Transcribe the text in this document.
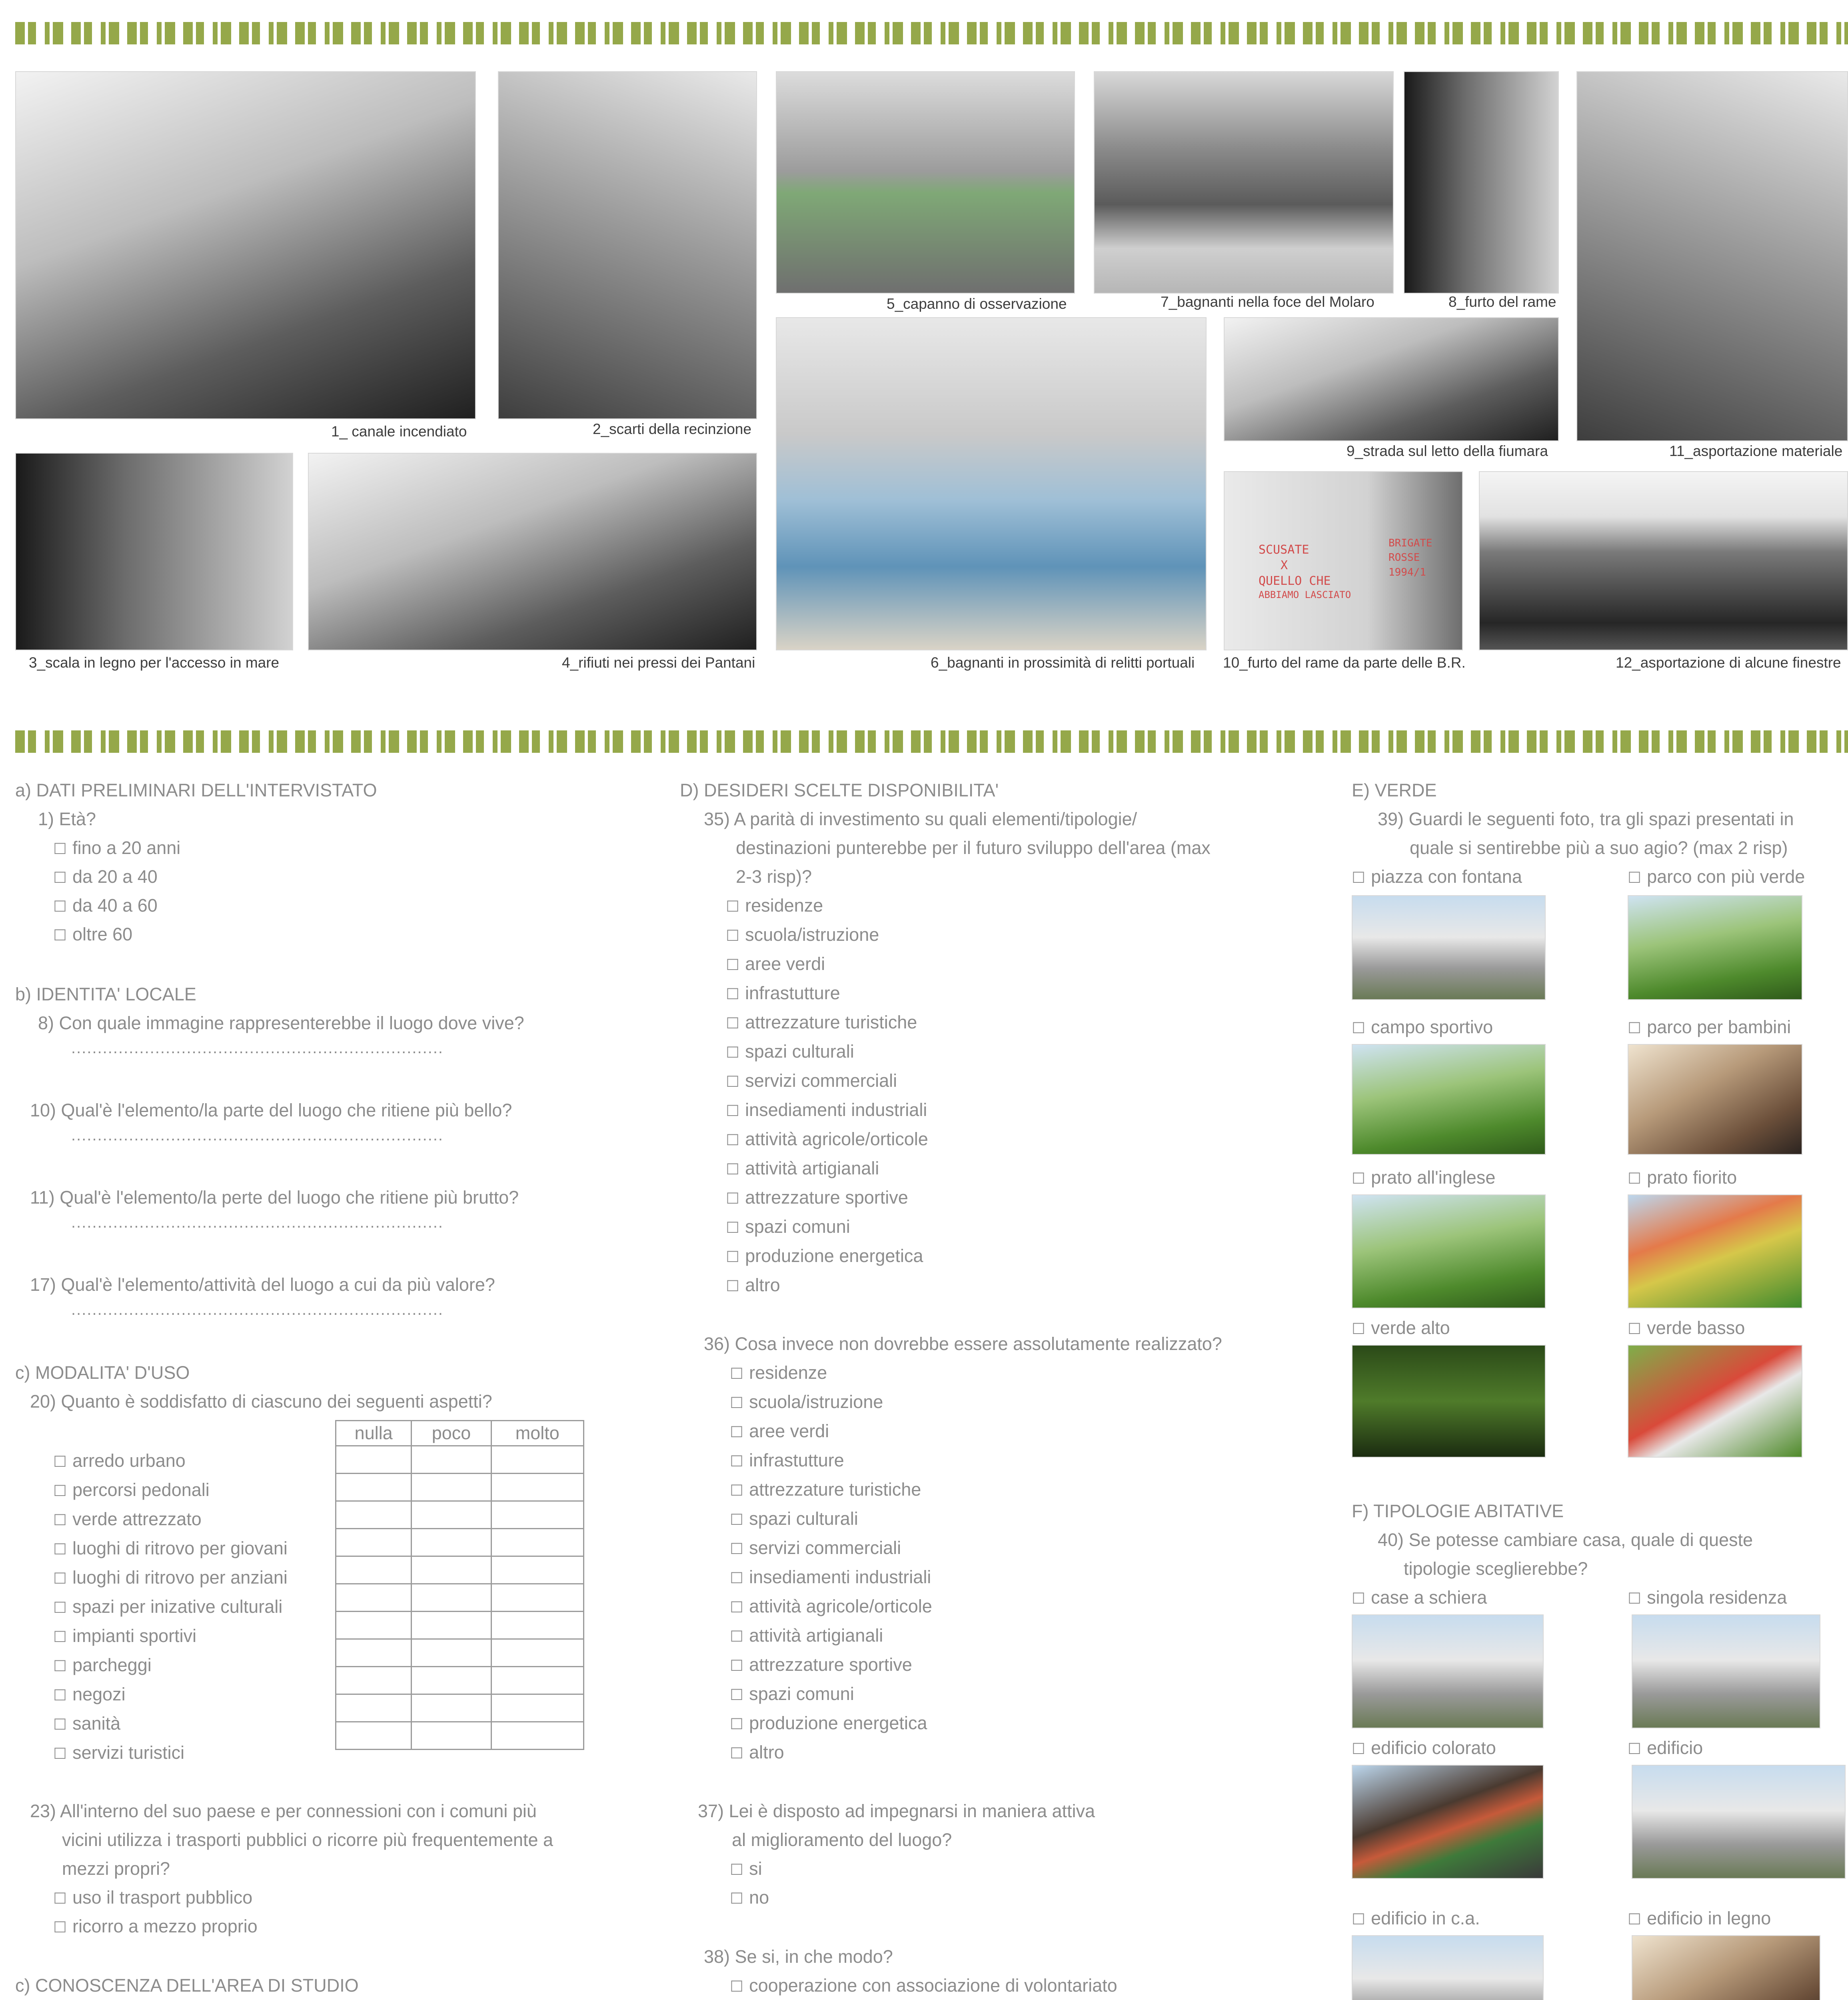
1_ canale incendiato	2_scarti della recinzione
3_scala in legno per l'accesso in mare	4_rifiuti nei pressi dei Pantani
5_capanno di osservazione
6_bagnanti in prossimità di relitti portuali
7_bagnanti nella foce del Molaro	8_furto del rame
9_strada sul letto della fiumara	11_asportazione materiale
SCUSATE
X
QUELLO CHE
ABBIAMO LASCIATO
BRIGATE ROSSE
1994/1
10_furto del rame da parte delle B.R.	12_asportazione di alcune finestre
a) DATI PRELIMINARI DELL'INTERVISTATO
1) Età?
☐ fino a 20 anni
☐ da 20 a 40
☐ da 40 a 60
☐ oltre 60
b) IDENTITA' LOCALE
8) Con quale immagine rappresenterebbe il luogo dove vive?
.......................................................................
10) Qual'è l'elemento/la parte del luogo che ritiene più bello?
.......................................................................
11) Qual'è l'elemento/la perte del luogo che ritiene più brutto?
.......................................................................
17) Qual'è l'elemento/attività del luogo a cui da più valore?
.......................................................................
c) MODALITA' D'USO
20) Quanto è soddisfatto di ciascuno dei seguenti aspetti?
nulla	poco	molto

☐ arredo urbano
☐ percorsi pedonali
☐ verde attrezzato
☐ luoghi di ritrovo per giovani
☐ luoghi di ritrovo per anziani
☐ spazi per inizative culturali
☐ impianti sportivi
☐ parcheggi
☐ negozi
☐ sanità
☐ servizi turistici
23) All'interno del suo paese e per connessioni con i comuni più
vicini utilizza i trasporti pubblici o ricorre più frequentemente a
mezzi propri?
☐ uso il trasport pubblico
☐ ricorro a mezzo proprio
c) CONOSCENZA DELL'AREA DI STUDIO
D) DESIDERI SCELTE DISPONIBILITA'
35) A parità di investimento su quali elementi/tipologie/
destinazioni punterebbe per il futuro sviluppo dell'area (max
2-3 risp)?
☐ residenze
☐ scuola/istruzione
☐ aree verdi
☐ infrastutture
☐ attrezzature turistiche
☐ spazi culturali
☐ servizi commerciali
☐ insediamenti industriali
☐ attività agricole/orticole
☐ attività artigianali
☐ attrezzature sportive
☐ spazi comuni
☐ produzione energetica
☐ altro
36) Cosa invece non dovrebbe essere assolutamente realizzato?
☐ residenze
☐ scuola/istruzione
☐ aree verdi
☐ infrastutture
☐ attrezzature turistiche
☐ spazi culturali
☐ servizi commerciali
☐ insediamenti industriali
☐ attività agricole/orticole
☐ attività artigianali
☐ attrezzature sportive
☐ spazi comuni
☐ produzione energetica
☐ altro
37) Lei è disposto ad impegnarsi in maniera attiva
al miglioramento del luogo?
☐ si
☐ no
38) Se si, in che modo?
☐ cooperazione con associazione di volontariato
E) VERDE
39) Guardi le seguenti foto, tra gli spazi presentati in
quale si sentirebbe più a suo agio? (max 2 risp)
☐ piazza con fontana	☐ parco con più verde
☐ campo sportivo	☐ parco per bambini
☐ prato all'inglese	☐ prato fiorito
☐ verde alto	☐ verde basso
F) TIPOLOGIE ABITATIVE
40) Se potesse cambiare casa, quale di queste
tipologie sceglierebbe?
☐ case a schiera	☐ singola residenza
☐ edificio colorato	☐ edificio
☐ edificio in c.a.	☐ edificio in legno
